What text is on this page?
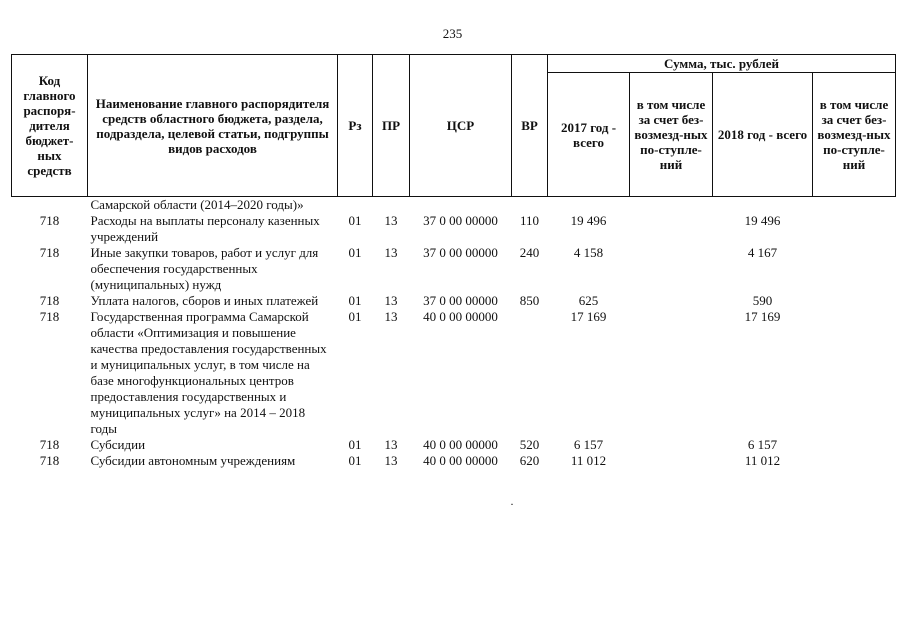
235
Код главного распоря-дителя бюджет-ных средств	Наименование главного распорядителя средств областного бюджета, раздела, подраздела, целевой статьи, подгруппы видов расходов	Рз	ПР	ЦСР	ВР	Сумма, тыс. рублей			
						2017 год - всего	в том числе за счет без-возмезд-ных по-ступле-ний	2018 год - всего	в том числе за счет без-возмезд-ных по-ступле-ний
	Самарской области (2014–2020 годы)»								
718	Расходы на выплаты персоналу казенных учреждений	01	13	37 0 00 00000	110	19 496		19 496	
718	Иные закупки товаров, работ и услуг для обеспечения государственных (муниципальных) нужд	01	13	37 0 00 00000	240	4 158		4 167	
718	Уплата налогов, сборов и иных платежей	01	13	37 0 00 00000	850	625		590	
718	Государственная программа Самарской области «Оптимизация и повышение качества предоставления государственных и муниципальных услуг, в том числе на базе многофункциональных центров предоставления государственных и муниципальных услуг» на 2014 – 2018 годы	01	13	40 0 00 00000		17 169		17 169	
718	Субсидии	01	13	40 0 00 00000	520	6 157		6 157	
718	Субсидии автономным учреждениям	01	13	40 0 00 00000	620	11 012		11 012	
·
